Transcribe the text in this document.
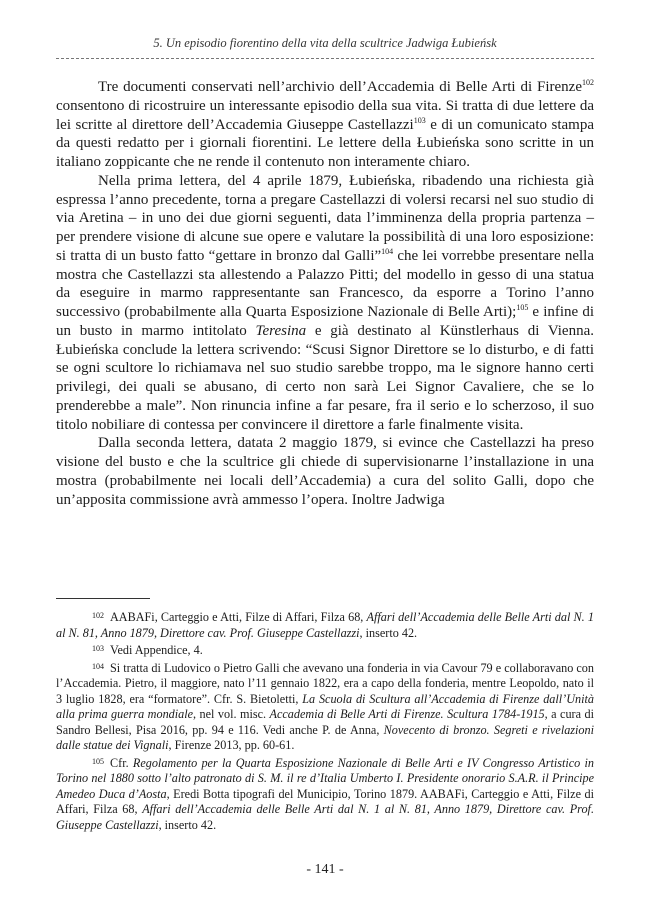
5. Un episodio fiorentino della vita della scultrice Jadwiga Łubieńsk

Tre documenti conservati nell’archivio dell’Accademia di Belle Arti di Firenze$^{102}$ consentono di ricostruire un interessante episodio della sua vita. Si tratta di due lettere da lei scritte al direttore dell’Accademia Giuseppe Castellazzi$^{103}$ e di un comunicato stampa da questi redatto per i giornali fiorentini. Le lettere della Łubieńska sono scritte in un italiano zoppicante che ne rende il contenuto non interamente chiaro.

Nella prima lettera, del 4 aprile 1879, Łubieńska, ribadendo una richiesta già espressa l’anno precedente, torna a pregare Castellazzi di volersi recarsi nel suo studio di via Aretina – in uno dei due giorni seguenti, data l’imminenza della propria partenza – per prendere visione di alcune sue opere e valutare la possibilità di una loro esposizione: si tratta di un busto fatto “gettare in bronzo dal Galli”$^{104}$ che lei vorrebbe presentare nella mostra che Castellazzi sta allestendo a Palazzo Pitti; del modello in gesso di una statua da eseguire in marmo rappresentante san Francesco, da esporre a Torino l’anno successivo (probabilmente alla Quarta Esposizione Nazionale di Belle Arti);$^{105}$ e infine di un busto in marmo intitolato Teresina e già destinato al Künstlerhaus di Vienna. Łubieńska conclude la lettera scrivendo: “Scusi Signor Direttore se lo disturbo, e di fatti se ogni scultore lo richiamava nel suo studio sarebbe troppo, ma le signore hanno certi privilegi, dei quali se abusano, di certo non sarà Lei Signor Cavaliere, che se lo prenderebbe a male”. Non rinuncia infine a far pesare, fra il serio e lo scherzoso, il suo titolo nobiliare di contessa per convincere il direttore a farle finalmente visita.

Dalla seconda lettera, datata 2 maggio 1879, si evince che Castellazzi ha preso visione del busto e che la scultrice gli chiede di supervisionarne l’installazione in una mostra (probabilmente nei locali dell’Accademia) a cura del solito Galli, dopo che un’apposita commissione avrà ammesso l’opera. Inoltre Jadwiga

$^{102}$ AABAFi, Carteggio e Atti, Filze di Affari, Filza 68, Affari dell’Accademia delle Belle Arti dal N. 1 al N. 81, Anno 1879, Direttore cav. Prof. Giuseppe Castellazzi, inserto 42.

$^{103}$ Vedi Appendice, 4.

$^{104}$ Si tratta di Ludovico o Pietro Galli che avevano una fonderia in via Cavour 79 e collaboravano con l’Accademia. Pietro, il maggiore, nato l’11 gennaio 1822, era a capo della fonderia, mentre Leopoldo, nato il 3 luglio 1828, era “formatore”. Cfr. S. Bietoletti, La Scuola di Scultura all’Accademia di Firenze dall’Unità alla prima guerra mondiale, nel vol. misc. Accademia di Belle Arti di Firenze. Scultura 1784-1915, a cura di Sandro Bellesi, Pisa 2016, pp. 94 e 116. Vedi anche P. de Anna, Novecento di bronzo. Segreti e rivelazioni dalle statue dei Vignali, Firenze 2013, pp. 60-61.

$^{105}$ Cfr. Regolamento per la Quarta Esposizione Nazionale di Belle Arti e IV Congresso Artistico in Torino nel 1880 sotto l’alto patronato di S. M. il re d’Italia Umberto I. Presidente onorario S.A.R. il Principe Amedeo Duca d’Aosta, Eredi Botta tipografi del Municipio, Torino 1879. AABAFi, Carteggio e Atti, Filze di Affari, Filza 68, Affari dell’Accademia delle Belle Arti dal N. 1 al N. 81, Anno 1879, Direttore cav. Prof. Giuseppe Castellazzi, inserto 42.

- 141 -
